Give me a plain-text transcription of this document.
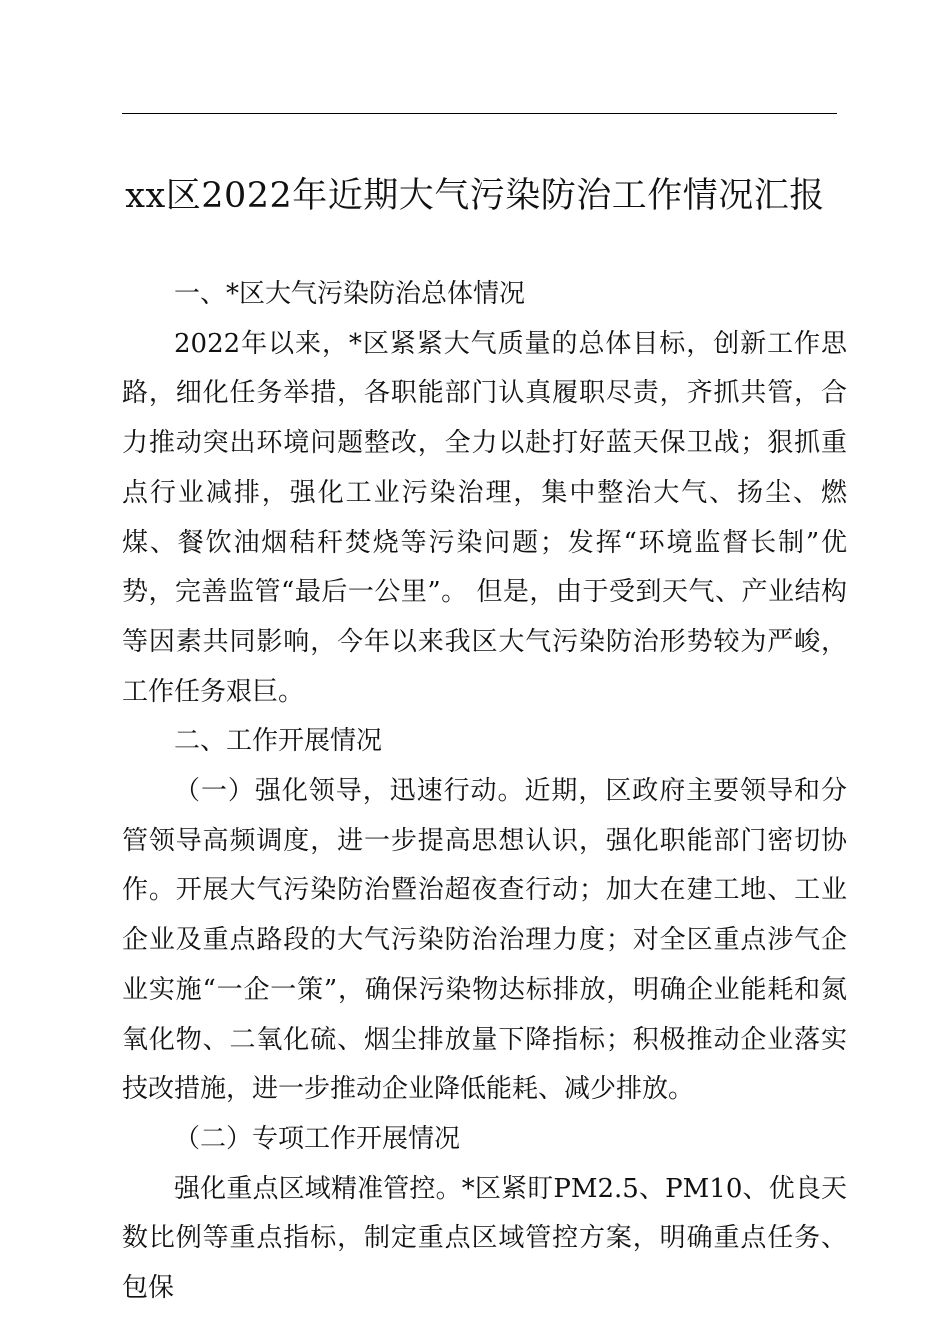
xx区2022年近期大气污染防治工作情况汇报

一、*区大气污染防治总体情况

2022年以来，*区紧紧大气质量的总体目标，创新工作思路，细化任务举措，各职能部门认真履职尽责，齐抓共管，合力推动突出环境问题整改，全力以赴打好蓝天保卫战；狠抓重点行业减排，强化工业污染治理，集中整治大气、扬尘、燃煤、餐饮油烟秸秆焚烧等污染问题；发挥“环境监督长制”优势，完善监管“最后一公里”。 但是，由于受到天气、产业结构等因素共同影响，今年以来我区大气污染防治形势较为严峻，工作任务艰巨。

二、工作开展情况

（一）强化领导，迅速行动。近期，区政府主要领导和分管领导高频调度，进一步提高思想认识，强化职能部门密切协作。开展大气污染防治暨治超夜查行动；加大在建工地、工业企业及重点路段的大气污染防治治理力度；对全区重点涉气企业实施“一企一策”，确保污染物达标排放，明确企业能耗和氮氧化物、二氧化硫、烟尘排放量下降指标；积极推动企业落实技改措施，进一步推动企业降低能耗、减少排放。

（二）专项工作开展情况

强化重点区域精准管控。*区紧盯PM2.5、PM10、优良天数比例等重点指标，制定重点区域管控方案，明确重点任务、包保
